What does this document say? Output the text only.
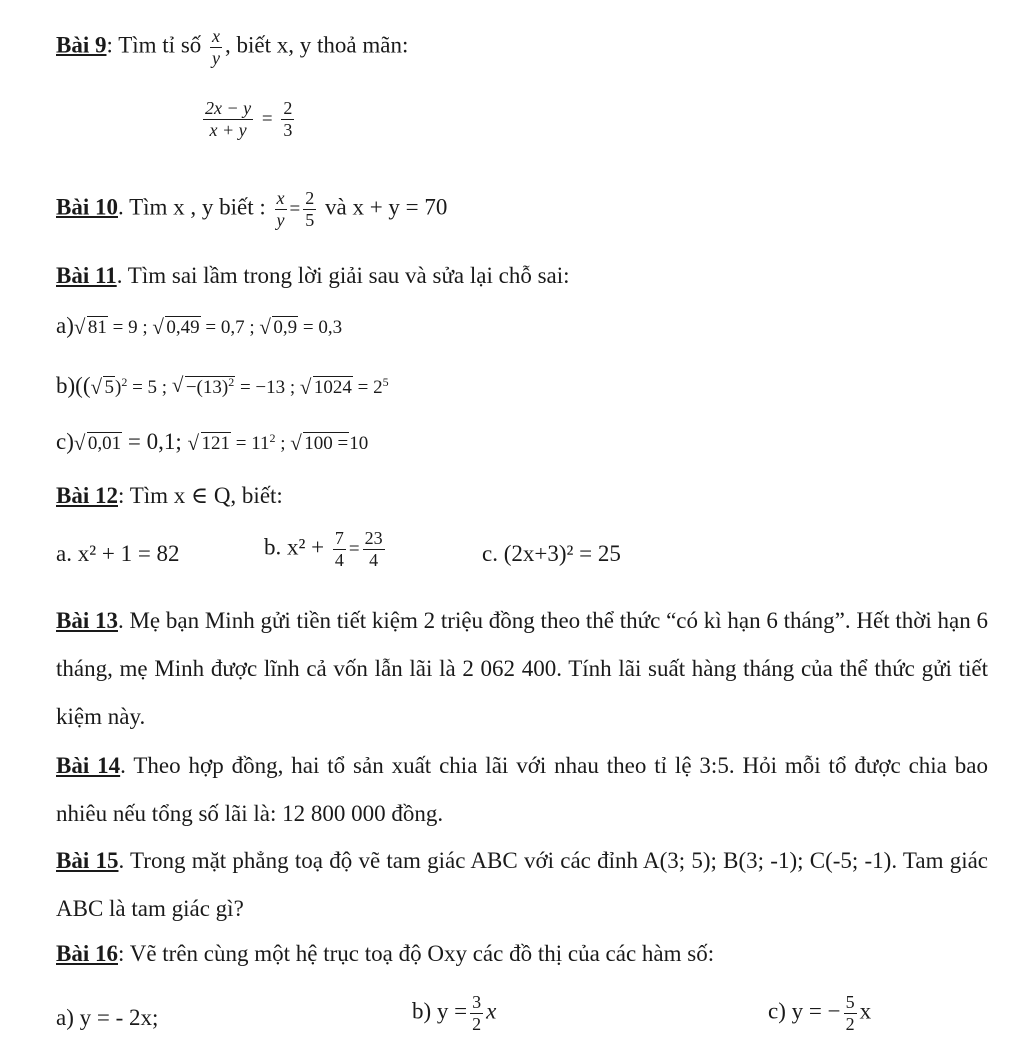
Bài 9: Tìm tỉ số $\frac{x}{y}$ , biết x, y thoả mãn:
$\frac{2x - y}{x + y} = \frac{2}{3}$
Bài 10. Tìm x , y biết : $\frac{x}{y} = \frac{2}{5}$ và x + y = 70
Bài 11. Tìm sai lầm trong lời giải sau và sửa lại chỗ sai:
a) √ 81 = 9 ; √ 0,49 = 0,7 ; √ 0,9 = 0,3
b)(( √ 5)$^2$ = 5 ; √ $-(13)^2 = -13$ ; √ $1024 = 2^5$
c) √ 0,01 = 0,1; √ $121 = 11^2$ ; √ 100 =10
Bài 12: Tìm x ∈ Q, biết:
a. x² + 1 = 82	b. $x^2 + \frac{7}{4} = \frac{23}{4}$	c. (2x+3)² = 25
Bài 13. Mẹ bạn Minh gửi tiền tiết kiệm 2 triệu đồng theo thể thức “có kì hạn 6 tháng”. Hết thời hạn 6 tháng, mẹ Minh được lĩnh cả vốn lẫn lãi là 2 062 400. Tính lãi suất hàng tháng của thể thức gửi tiết kiệm này.
Bài 14. Theo hợp đồng, hai tổ sản xuất chia lãi với nhau theo tỉ lệ 3:5. Hỏi mỗi tổ được chia bao nhiêu nếu tổng số lãi là: 12 800 000 đồng.
Bài 15. Trong mặt phẳng toạ độ vẽ tam giác ABC với các đỉnh A(3; 5); B(3; -1); C(-5; -1). Tam giác ABC là tam giác gì?
Bài 16: Vẽ trên cùng một hệ trục toạ độ Oxy các đồ thị của các hàm số:
a) y = - 2x;	b) $y = \frac{3}{2}$ x	c) y = − $\frac{5}{2}$ x
